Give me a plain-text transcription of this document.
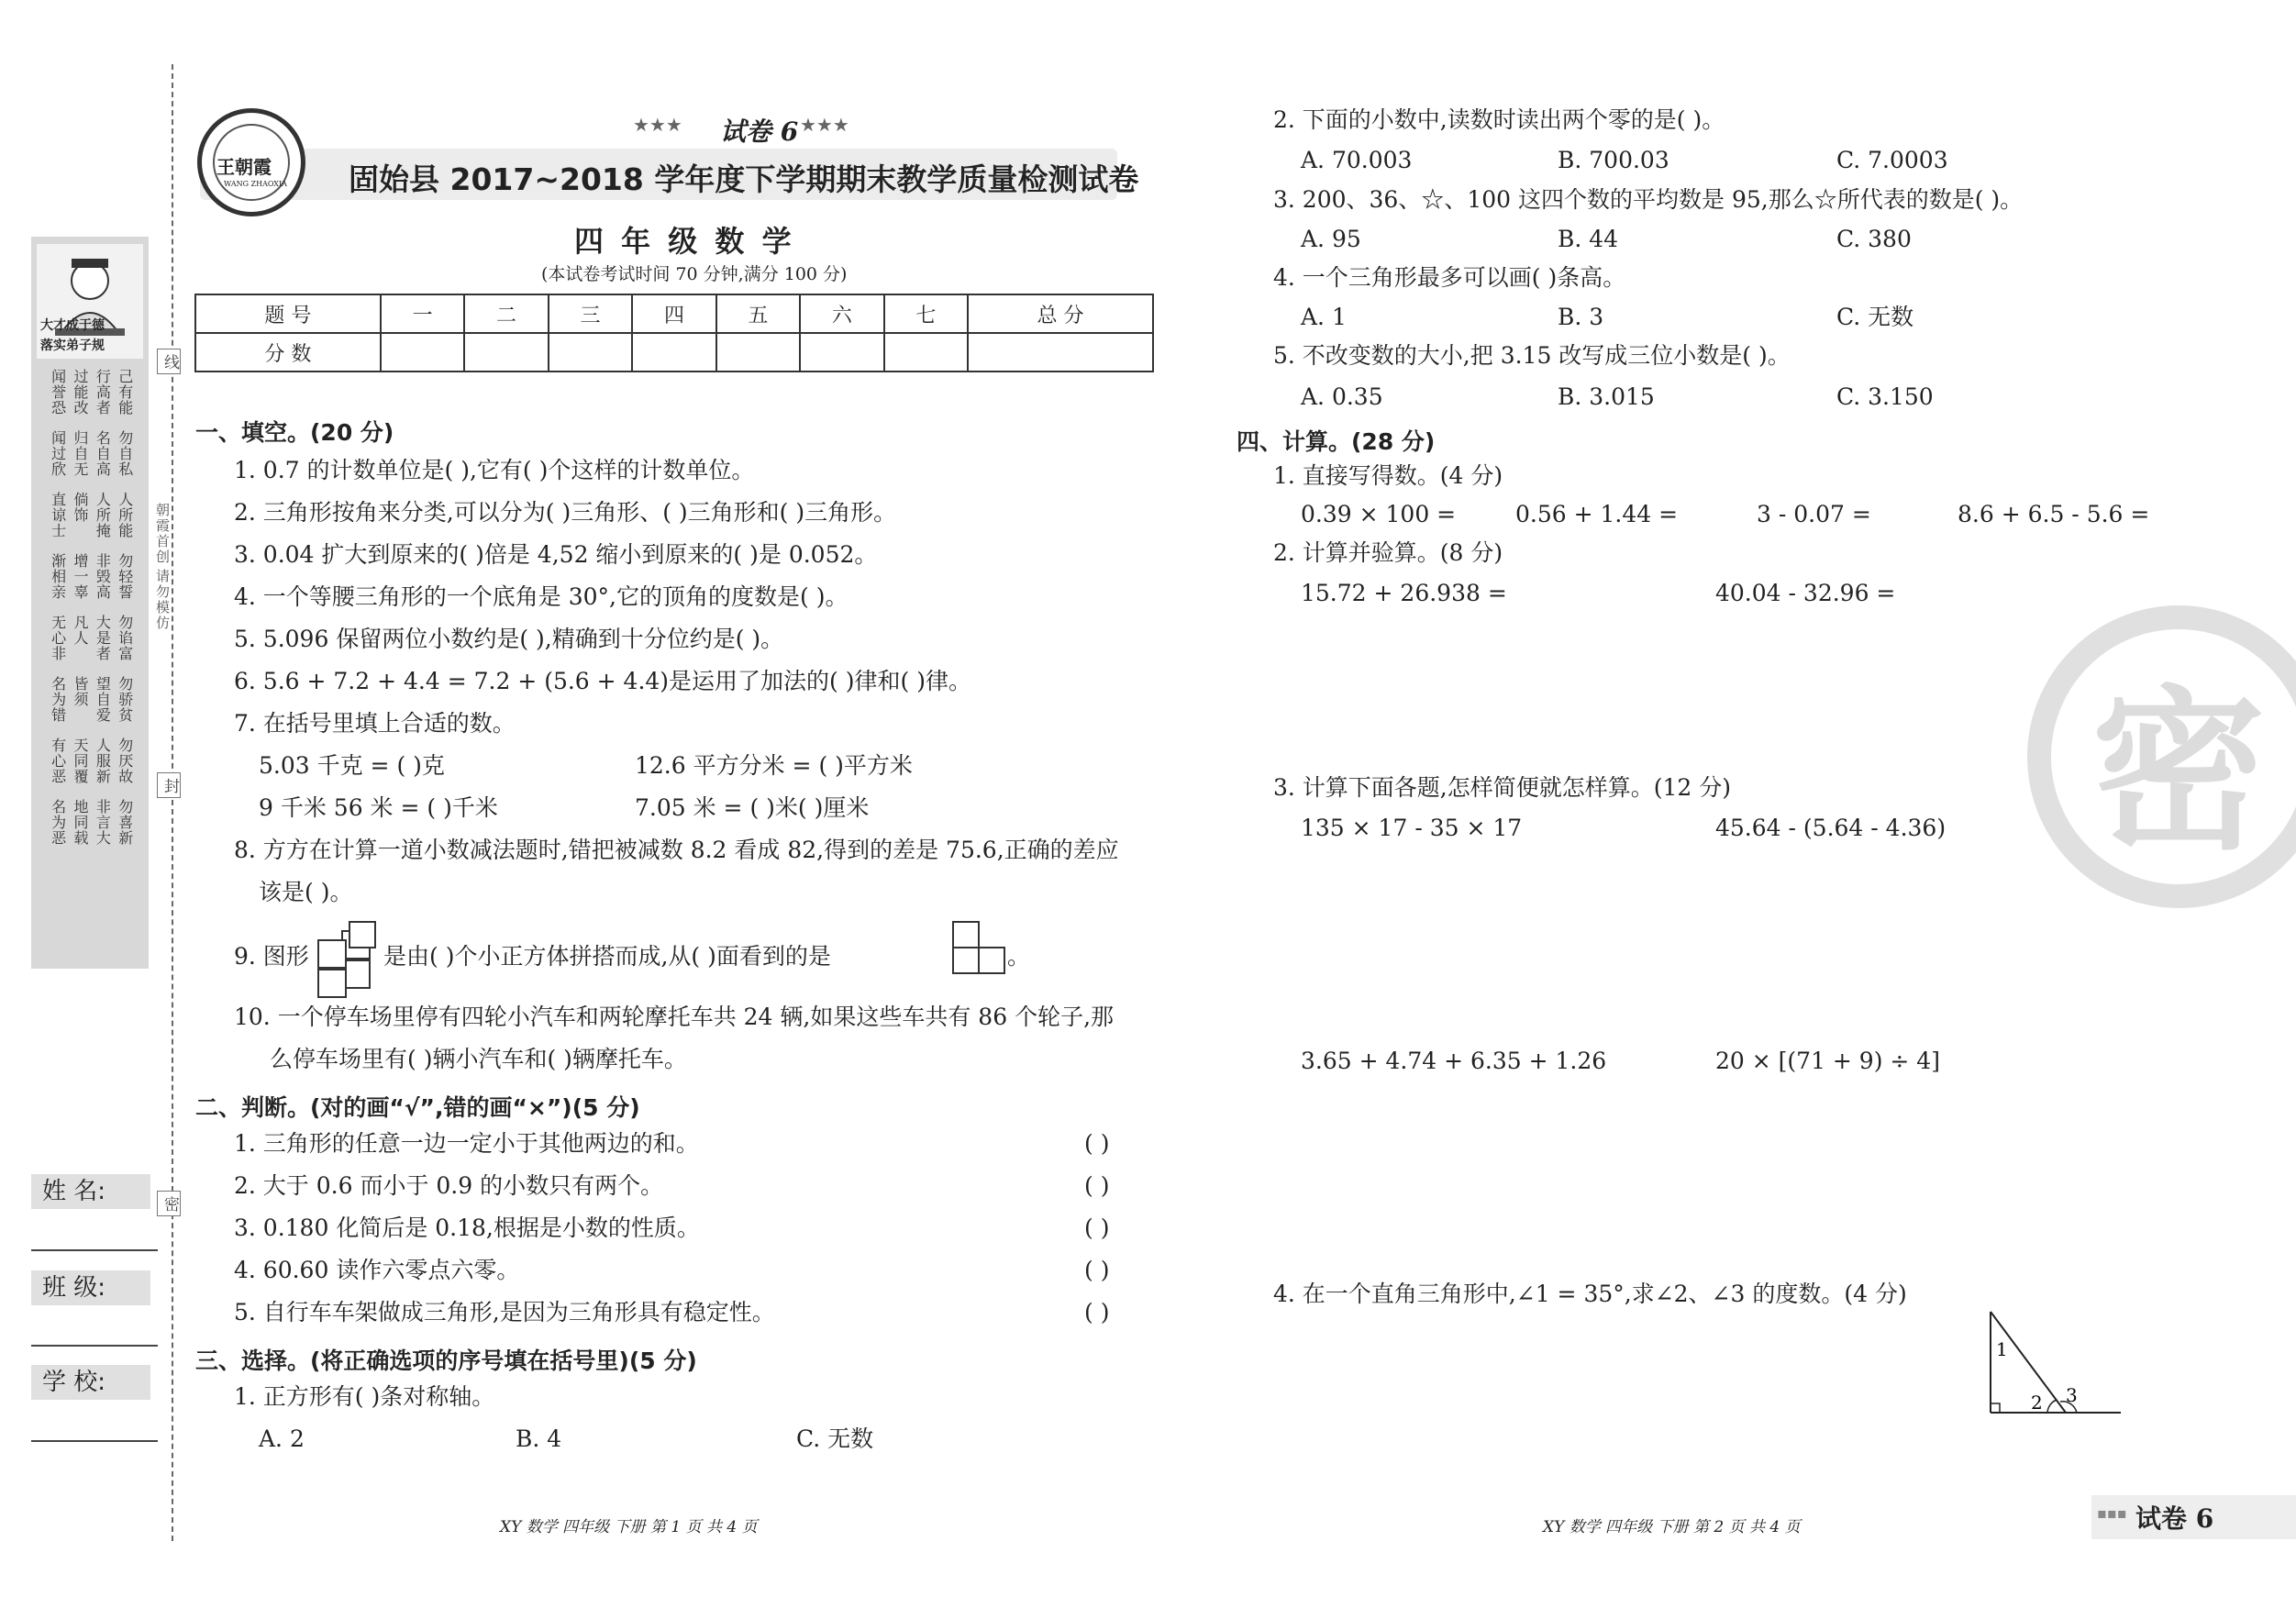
大才成于德
落实弟子规
己有能
行高者
过能改
闻誉恐
勿自私
名自高
归自无
闻过欣
人所能
人所掩
倘饰
直谅士
勿轻誓
非毁高
增一辜
渐相亲
勿谄富
大是者
凡人
无心非
勿骄贫
望自爱
皆须
名为错
勿厌故
人服新
天同覆
有心恶
勿喜新
非言大
地同载
名为恶
姓 名:
班 级:
学 校:
线
朝霞首创
请勿模仿
封
密
王朝霞
WANG ZHAOXIA
★★★ 试卷 6 ★★★
固始县 2017~2018 学年度下学期期末教学质量检测试卷
四 年 级 数 学
(本试卷考试时间 70 分钟,满分 100 分)
题 号	一	二	三	四	五	六	七	总 分
分 数								
一、填空。(20 分)
1. 0.7 的计数单位是( ),它有( )个这样的计数单位。
2. 三角形按角来分类,可以分为( )三角形、( )三角形和( )三角形。
3. 0.04 扩大到原来的( )倍是 4,52 缩小到原来的( )是 0.052。
4. 一个等腰三角形的一个底角是 30°,它的顶角的度数是( )。
5. 5.096 保留两位小数约是( ),精确到十分位约是( )。
6. 5.6 + 7.2 + 4.4 = 7.2 + (5.6 + 4.4)是运用了加法的( )律和( )律。
7. 在括号里填上合适的数。
5.03 千克 = ( )克	12.6 平方分米 = ( )平方米
9 千米 56 米 = ( )千米	7.05 米 = ( )米( )厘米
8. 方方在计算一道小数减法题时,错把被减数 8.2 看成 82,得到的差是 75.6,正确的差应
该是( )。
9. 图形	是由( )个小正方体拼搭而成,从( )面看到的是	。
10. 一个停车场里停有四轮小汽车和两轮摩托车共 24 辆,如果这些车共有 86 个轮子,那
么停车场里有( )辆小汽车和( )辆摩托车。
二、判断。(对的画“√”,错的画“×”)(5 分)
1. 三角形的任意一边一定小于其他两边的和。	( )
2. 大于 0.6 而小于 0.9 的小数只有两个。	( )
3. 0.180 化简后是 0.18,根据是小数的性质。	( )
4. 60.60 读作六零点六零。	( )
5. 自行车车架做成三角形,是因为三角形具有稳定性。	( )
三、选择。(将正确选项的序号填在括号里)(5 分)
1. 正方形有( )条对称轴。
A. 2	B. 4	C. 无数
2. 下面的小数中,读数时读出两个零的是( )。
A. 70.003	B. 700.03	C. 7.0003
3. 200、36、☆、100 这四个数的平均数是 95,那么☆所代表的数是( )。
A. 95	B. 44	C. 380
4. 一个三角形最多可以画( )条高。
A. 1	B. 3	C. 无数
5. 不改变数的大小,把 3.15 改写成三位小数是( )。
A. 0.35	B. 3.015	C. 3.150
四、计算。(28 分)
1. 直接写得数。(4 分)
0.39 × 100 =	0.56 + 1.44 =	3 - 0.07 =	8.6 + 6.5 - 5.6 =
2. 计算并验算。(8 分)
15.72 + 26.938 =	40.04 - 32.96 =
3. 计算下面各题,怎样简便就怎样算。(12 分)
135 × 17 - 35 × 17	45.64 - (5.64 - 4.36)
3.65 + 4.74 + 6.35 + 1.26	20 × [(71 + 9) ÷ 4]
4. 在一个直角三角形中,∠1 = 35°,求∠2、∠3 的度数。(4 分)
1
2 3
密
XY 数学 四年级 下册 第 1 页 共 4 页	XY 数学 四年级 下册 第 2 页 共 4 页
▪▪▪ 试卷 6
